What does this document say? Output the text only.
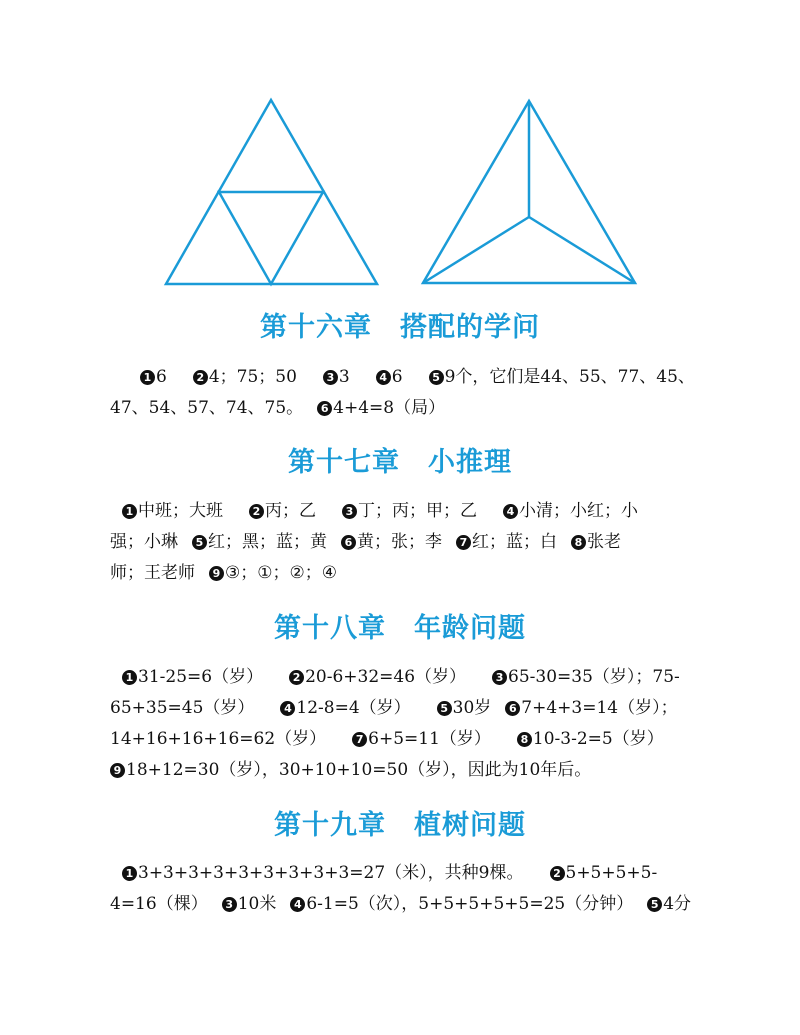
第十六章 搭配的学问
1 6	2 4；75；50	3 3	4 6	5 9个，它们是44、55、77、45、
47、54、57、74、75。 6 4+4=8（局）
第十七章 小推理
1 中班；大班	2 丙；乙	3 丁；丙；甲；乙	4 小清；小红；小
强；小琳 5 红；黑；蓝；黄 6 黄；张；李 7 红；蓝；白 8 张老
师；王老师 9 ③；①；②；④
第十八章 年龄问题
1 31-25=6（岁）	2 20-6+32=46（岁）	3 65-30=35（岁）；75-
65+35=45（岁）	4 12-8=4（岁）	5 30岁 6 7+4+3=14（岁）；
14+16+16+16=62（岁）	7 6+5=11（岁）	8 10-3-2=5（岁）
9 18+12=30（岁），30+10+10=50（岁），因此为10年后。
第十九章 植树问题
1 3+3+3+3+3+3+3+3+3=27（米），共种9棵。	2 5+5+5+5-
4=16（棵） 3 10米 4 6-1=5（次），5+5+5+5+5=25（分钟） 5 4分
